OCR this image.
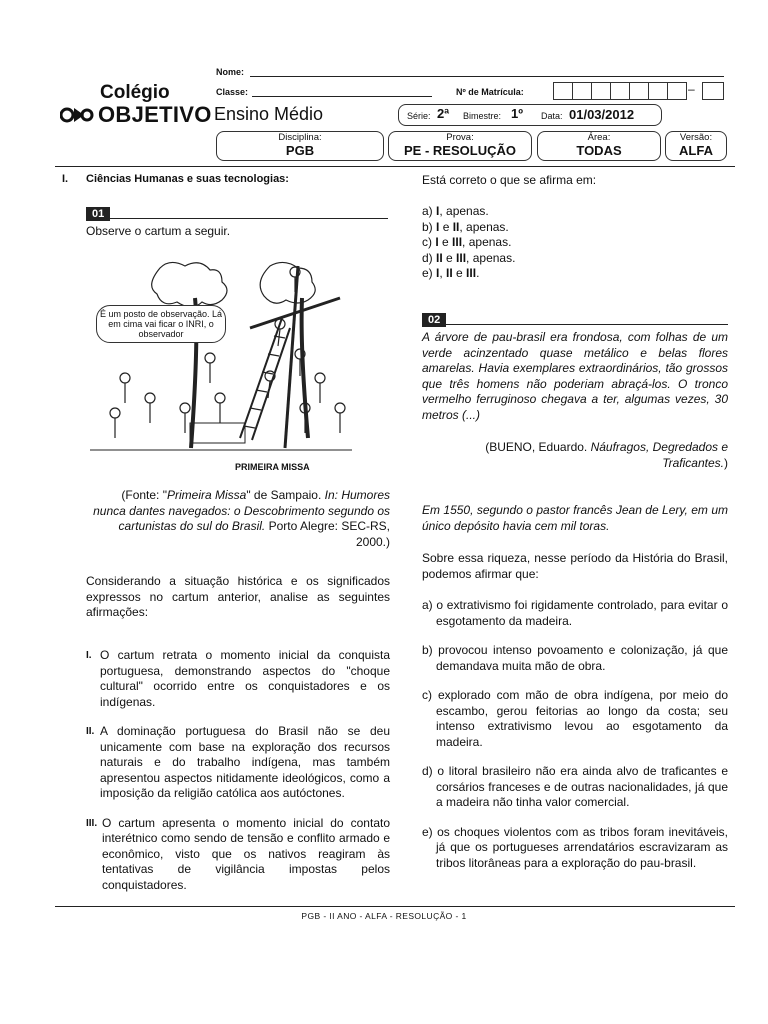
Colégio
OBJETIVO
Nome:
Classe:	Nº de Matrícula:	–
Ensino Médio	Série: 2ª Bimestre: 1º Data: 01/03/2012
Disciplina:
PGB
Prova:
PE - RESOLUÇÃO
Área:
TODAS
Versão:
ALFA
I. Ciências Humanas e suas tecnologias:
01
Observe o cartum a seguir.
É um posto de observação. Lá em cima vai ficar o INRI, o observador
PRIMEIRA MISSA
(Fonte: "Primeira Missa" de Sampaio. In: Humores nunca dantes navegados: o Descobrimento segundo os cartunistas do sul do Brasil. Porto Alegre: SEC-RS, 2000.)
Considerando a situação histórica e os significados expressos no cartum anterior, analise as seguintes afirmações:
I. O cartum retrata o momento inicial da conquista portuguesa, demonstrando aspectos do "choque cultural" ocorrido entre os conquistadores e os indígenas.
II. A dominação portuguesa do Brasil não se deu unicamente com base na exploração dos recursos naturais e do trabalho indígena, mas também apresentou aspectos nitidamente ideológicos, como a imposição da religião católica aos autóctones.
III. O cartum apresenta o momento inicial do contato interétnico como sendo de tensão e conflito armado e econômico, visto que os nativos reagiram às tentativas de vigilância impostas pelos conquistadores.
Está correto o que se afirma em:
a) I, apenas.
b) I e II, apenas.
c) I e III, apenas.
d) II e III, apenas.
e) I, II e III.
02
A árvore de pau-brasil era frondosa, com folhas de um verde acinzentado quase metálico e belas flores amarelas. Havia exemplares extraordinários, tão grossos que três homens não poderiam abraçá-los. O tronco vermelho ferruginoso chegava a ter, algumas vezes, 30 metros (...)
(BUENO, Eduardo. Náufragos, Degredados e Traficantes.)
Em 1550, segundo o pastor francês Jean de Lery, em um único depósito havia cem mil toras.
Sobre essa riqueza, nesse período da História do Brasil, podemos afirmar que:
a) o extrativismo foi rigidamente controlado, para evitar o esgotamento da madeira.
b) provocou intenso povoamento e colonização, já que demandava muita mão de obra.
c) explorado com mão de obra indígena, por meio do escambo, gerou feitorias ao longo da costa; seu intenso extrativismo levou ao esgotamento da madeira.
d) o litoral brasileiro não era ainda alvo de traficantes e corsários franceses e de outras nacionalidades, já que a madeira não tinha valor comercial.
e) os choques violentos com as tribos foram inevitáveis, já que os portugueses arrendatários escravizaram as tribos litorâneas para a exploração do pau-brasil.
PGB - II ANO - ALFA - RESOLUÇÃO - 1
